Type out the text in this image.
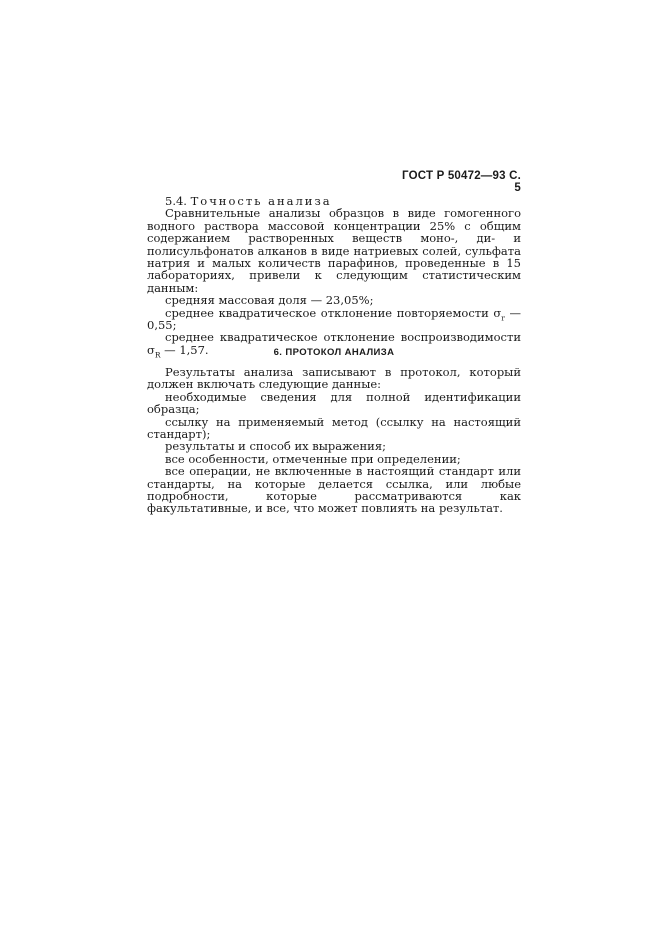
ГОСТ Р 50472—93 С. 5

5.4. Точность анализа

Сравнительные анализы образцов в виде гомогенного водного раствора массовой концентрации 25% с общим содержанием растворенных веществ моно-, ди- и полисульфонатов алканов в виде натриевых солей, сульфата натрия и малых количеств парафинов, проведенные в 15 лабораториях, привели к следующим статистическим данным:

средняя массовая доля — 23,05%;

среднее квадратическое отклонение повторяемости $\sigma_r$ — 0,55;

среднее квадратическое отклонение воспроизводимости $\sigma_R$ — 1,57.	6. ПРОТОКОЛ АНАЛИЗА

Результаты анализа записывают в протокол, который должен включать следующие данные:

необходимые сведения для полной идентификации образца;

ссылку на применяемый метод (ссылку на настоящий стандарт);

результаты и способ их выражения;

все особенности, отмеченные при определении;

все операции, не включенные в настоящий стандарт или стандарты, на которые делается ссылка, или любые подробности, которые рассматриваются как факультативные, и все, что может повлиять на результат.
